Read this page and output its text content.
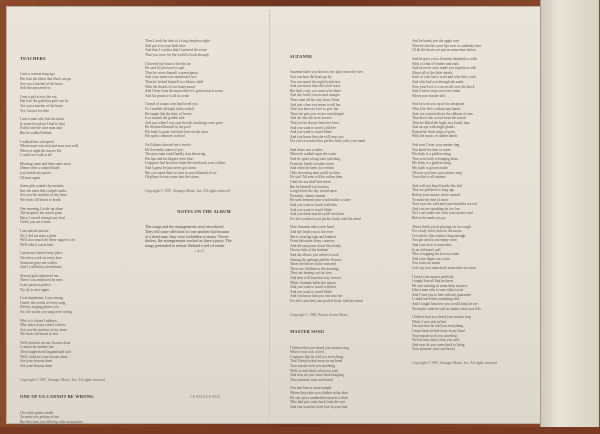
TEACHERS

I met a woman long ago
Her hair the black that black can go
Are you a teacher of the heart
Soft she answered no
I met a girl across the sea
Her hair the gold that gold can be
Are you a teacher of the heart
Yes, but not for thee
I met a man who lost his mind
In some lost place I had to find
Follow me the wise man said
But he walked behind
I walked into a hospital
Where none was sick and none was well
When at night the nurses left
I could not walk at all
Morning came and then came noon
Dinner time a scalpel blade
Lay beside my spoon
Oh hear again
Some girls wander by mistake
Into the mess that scalpels make
Are you the teachers of my heart
We teach old hearts to break
One morning I woke up alone
The hospital, the nurses gone
Have I carved enough, my lord
Child, you are a bone
I ate and ate and ate
No, I did not miss a plate
Well, how much do these suppers cost
We'll take it out in hate
I spent my hatred every place
On every work on every face
Someone gave me wishes
And I wished for an embrace
Several girls embraced me,
Then I was embraced by men
Is my passion perfect
No, do it once again
I was handsome, I was strong,
I knew the words of every song
Did my singing please you
No, the words you sang were wrong
Who is it whom I address,
Who takes down what I confess
Are you the teachers of my heart
We teach old hearts to rest
Well, teachers are my lessons done
I cannot do another one
They laughed and laughed and said
Well, child are your lessons done
Are your lessons done
Are your lessons done

Copyright © 1967, Stranger Music, Inc. All rights reserved

ONE OF US CANNOT BE WRONG

I lit a thin green candle
To make you jealous of me
But the room just filled up with mosquitoes
They heard that my body was free

Then I took the dust of a long sleepless night
And put it in your little shoe
And then I confess that I tortured the event
That you wore for the world to look through
I showed my heart to the doctor
He said I'd just have to quit
Then he wrote himself a prescription
And your name was mentioned in it
Then he locked himself in a library shelf
With the details of our honeymoon
And I hear from the nurse that he's gotten much worse
And his practice is all in a ruin
I heard of a saint who had loved you
So I studied all night in his school
He taught that the duty of lovers
Is to tarnish the golden rule
And just when I was sure that his teachings were pure
He drowned himself in the pool
His body is gone, but back here on the lawn
His spirit continues to drool
An Eskimo showed me a movie
He'd recently taken of you
The poor man could hardly stop shivering
His lips and his fingers were blue
I suppose that he froze when the wind took your clothes
And I guess he just never got warm
But you stand there so nice in your blizzard of ice
Oh please let me come into the storm

Copyright © 1967, Stranger Music, Inc. All rights reserved

NOTES ON THE ALBUM

The songs and the arrangements were introduced
They fell some affection for one another but because
of a dead man, they were forbidden to marry. Never-
theless, the arrangements worked as three a party. The
songs pretended to retreat. Behind a veil of swine.
—L.C.

CS 9533/CS 9533

SUZANNE

Suzanne takes you down to her place near the river
You can hear the boats go by
You can spend the night beside her
And you know that she's half crazy
But that's why you want to be there
And she feeds you tea and oranges
That come all the way from China
And just when you mean to tell her
That you have no love to give her
Then she gets you on her wavelength
And she lets the river answer
That you've always been her lover
And you want to travel with her
And you want to travel blind
And you know that she will trust you
For you've touched her perfect body with your mind
And Jesus was a sailor
When he walked upon the water
And he spent a long time watching
From his lonely wooden tower
And when he knew for certain
Only drowning men could see him
He said 'All men will be sailors then
Until the sea shall free them'
But he himself was broken
Long before the sky would open
Forsaken, almost human
He sank beneath your wisdom like a stone
And you want to travel with him
And you want to travel blind
And you think maybe you'll trust him
For he's touched your perfect body with his mind
Now Suzanne takes your hand
And she leads you to the river
She is wearing rags and feathers
From Salvation Army counters
And the sun pours down like honey
On our lady of the harbour
And she shows you where to look
Among the garbage and the flowers
There are heroes in the seaweed
There are children in the morning
They are leaning out for love
And they will lean that way forever
While Suzanne holds the mirror
And you want to travel with her
And you want to travel blind
And you know that you can trust her
For she's touched your perfect body with her mind

Copyright © 1966, Project Seven Music

MASTER SONG

I believe that you heard your master sing
When I was sick in bed
I suppose that he told you everything
That I keep locked away in my head
Your master took you traveling
Well, at least that's what you said
And now do you come back bringing
Your prisoner wine and bread
You met him at some temple
Where they take your clothes at the door
He was just a numberless man in a chair
Who had just come back from the war
And you wrap his tired face in your hair

And he hands you the apple core
Then he touches your lips now so suddenly bare
Of all the kisses we put on some time before
And he gave you a German shepherd to walk
With a collar of leather and nails
And he never once made you explain or talk
About all of the little details
Such as who had a word and who had a rock
And who had you through the mails
Now your love is a secret all over the block
And it never stops not even when
When your master fails
And he took you up in his aeroplane
Which he flew without any hands
And you cruised above the ribbons of rain
That drove the crowd from the stands
Then he killed the lights in a lonely lane
And an ape with angel glands
Erased the final wisps of pain
With the music of rubber bands
And now I hear your master sing
You kneel for him to come
His body is a golden string
That your body is hanging from
His body is a golden string
My body is grown numb
Oh now you hear your master sing
Your shirt is all undone
And will you kneel beside this bed
That we polished so long ago
Before your master chose instead
To make my bed of snow
Your eyes are wild and your knuckles are red
And you are speaking far too low
No I can't make out what your master said
Before he made you go
Then I think you're playing far too rough
For a lady who's been to the moon
I've lain by this window long enough
You get used to an empty room
And your love is some dust
In an old man's cuff
Who is tapping his foot to a tune
And your thighs are a ruin
You want too much
Let's say you came back some time too soon
I loved your master perfectly
I taught him all that he knew
He was starving in some deep mystery
Like a man who is sure what is true
And I sent you to him with my guarantee
I could teach him something new
And I taught him how you would long for me
No matter what he said no matter what you'd do
I believe that you heard your master sing
While I was sick in bed
I'm sure that he told you everything
I must keep locked away in my head
Your master took you traveling
Well at least that's what you said
And now do you come back to bring
Your prisoner wine and bread

Copyright © 1967, Stranger Music, Inc. All rights reserved
